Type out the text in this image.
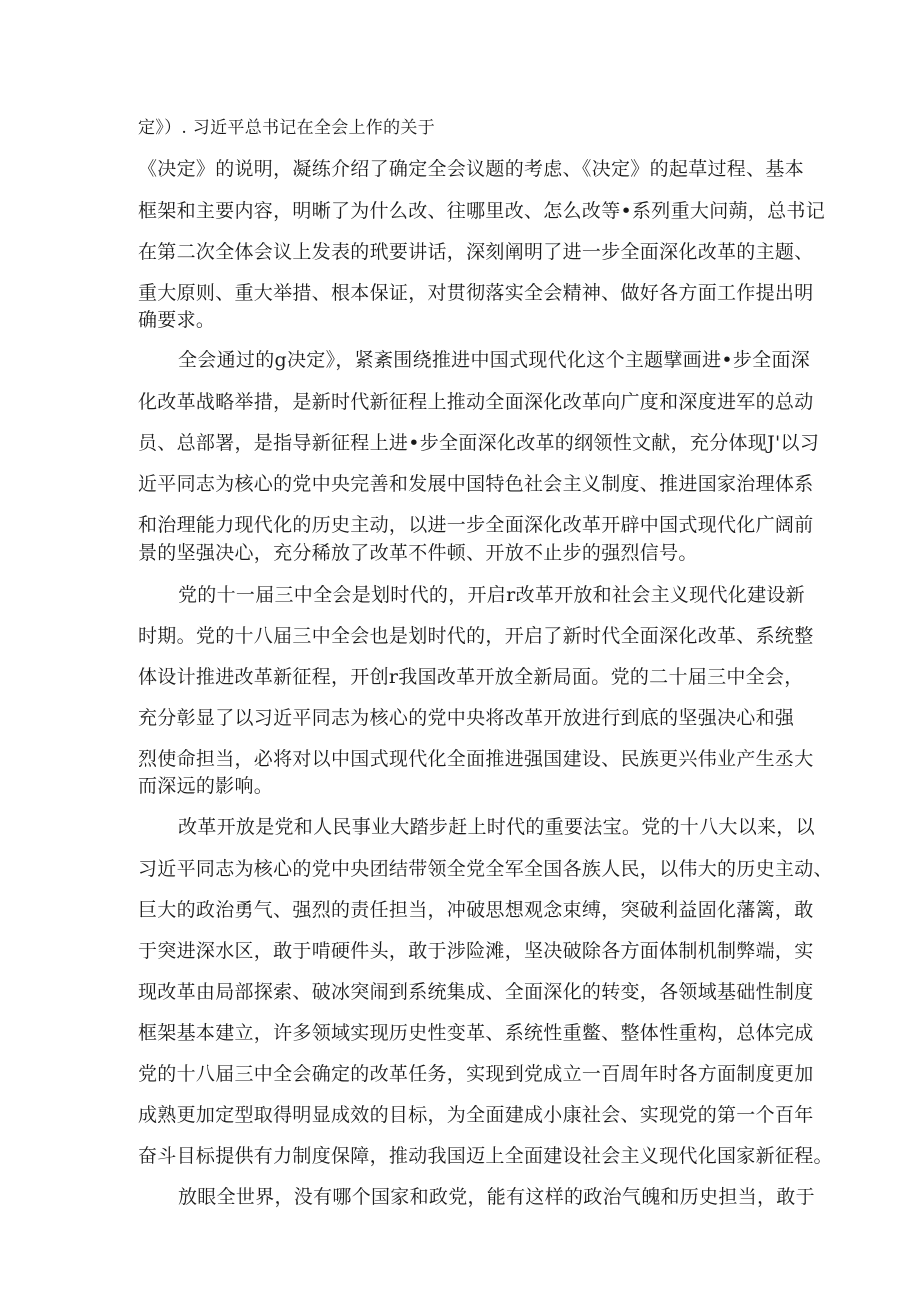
定》）. 习近平总书记在全会上作的关于
《决定》的说明，凝练介绍了确定全会议题的考虑、《决定》的起草过程、基本
框架和主要内容，明晰了为什么改、往哪里改、怎么改等•系列重大问蒴，总书记
在第二次全体会议上发表的玳要讲话，深刻阐明了进一步全面深化改革的主题、
重大原则、重大举措、根本保证，对贯彻落实全会精神、做好各方面工作提出明
确要求。
全会通过的g决定》，紧紊围绕推进中国式现代化这个主题擘画进•步全面深
化改革战略举措，是新时代新征程上推动全面深化改革向广度和深度进军的总动
员、总部署，是指导新征程上进•步全面深化改革的纲领性文献，充分体现J'以习
近平同志为核心的党中央完善和发展中国特色社会主义制度、推进国家治理体系
和治理能力现代化的历史主动，以进一步全面深化改革开辟中国式现代化广阔前
景的坚强决心，充分稀放了改革不件顿、开放不止步的强烈信号。
党的十一届三中全会是划时代的，开启r改革开放和社会主义现代化建设新
时期。党的十八届三中全会也是划时代的，开启了新时代全面深化改革、系统整
体设计推进改革新征程，开创r我国改革开放全新局面。党的二十届三中全会，
充分彰显了以习近平同志为核心的党中央将改革开放进行到底的坚强决心和强
烈使命担当，必将对以中国式现代化全面推进强国建设、民族更兴伟业产生丞大
而深远的影响。
改革开放是党和人民事业大踏步赶上时代的重要法宝。党的十八大以来，以
习近平同志为核心的党中央团结带领全党全军全国各族人民，以伟大的历史主动、
巨大的政治勇气、强烈的责任担当，冲破思想观念束缚，突破利益固化藩篱，敢
于突进深水区，敢于啃硬件头，敢于涉险滩，坚决破除各方面体制机制弊端，实
现改革由局部探索、破冰突闹到系统集成、全面深化的转变，各领域基础性制度
框架基本建立，许多领域实现历史性变革、系统性重鳖、整体性重构，总体完成
党的十八届三中全会确定的改革任务，实现到党成立一百周年时各方面制度更加
成熟更加定型取得明显成效的目标，为全面建成小康社会、实现党的第一个百年
奋斗目标提供有力制度保障，推动我国迈上全面建设社会主义现代化国家新征程。
放眼全世界，没有哪个国家和政党，能有这样的政治气魄和历史担当，敢于
